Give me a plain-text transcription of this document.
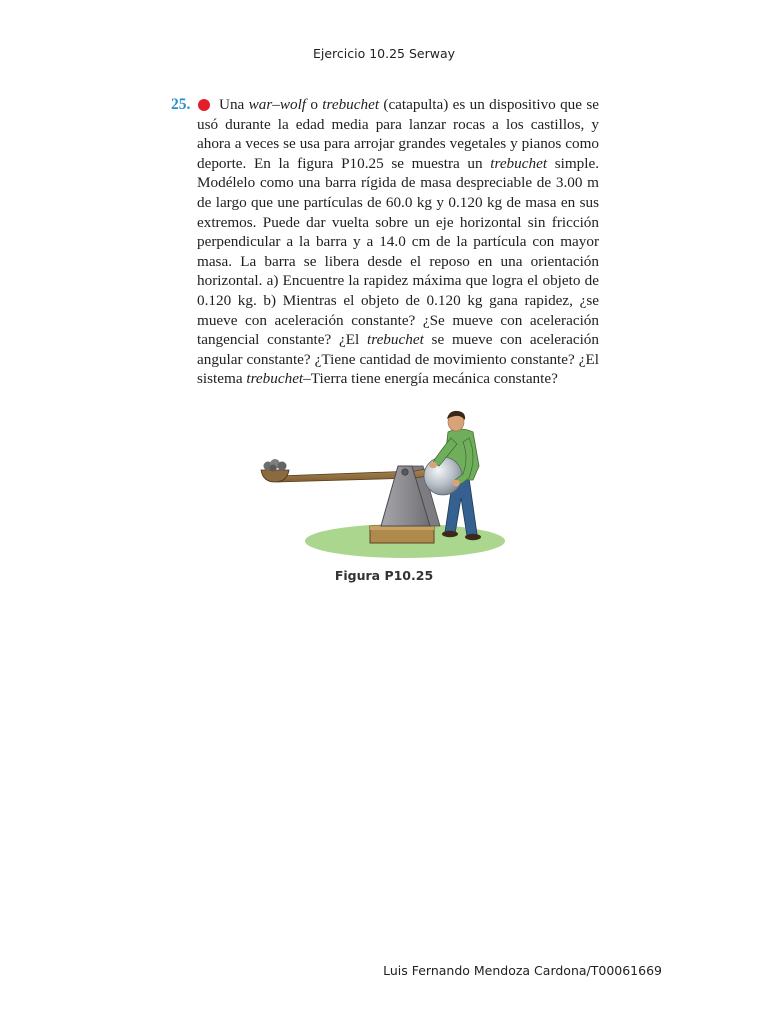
Ejercicio 10.25 Serway
25.	Una war–wolf o trebuchet (catapulta) es un dispositivo que se usó durante la edad media para lanzar rocas a los castillos, y ahora a veces se usa para arrojar grandes vegetales y pianos como deporte. En la figura P10.25 se muestra un trebuchet simple. Modélelo como una barra rígida de masa despreciable de 3.00 m de largo que une partículas de 60.0 kg y 0.120 kg de masa en sus extremos. Puede dar vuelta sobre un eje horizontal sin fricción perpendicular a la barra y a 14.0 cm de la partícula con mayor masa. La barra se libera desde el reposo en una orientación horizontal. a) Encuentre la rapidez máxima que logra el objeto de 0.120 kg. b) Mientras el objeto de 0.120 kg gana rapidez, ¿se mueve con aceleración constante? ¿Se mueve con aceleración tangencial constante? ¿El trebuchet se mueve con aceleración angular constante? ¿Tiene cantidad de movimiento constante? ¿El sistema trebuchet–Tierra tiene energía mecánica constante?

Figura P10.25
Luis Fernando Mendoza Cardona/T00061669
